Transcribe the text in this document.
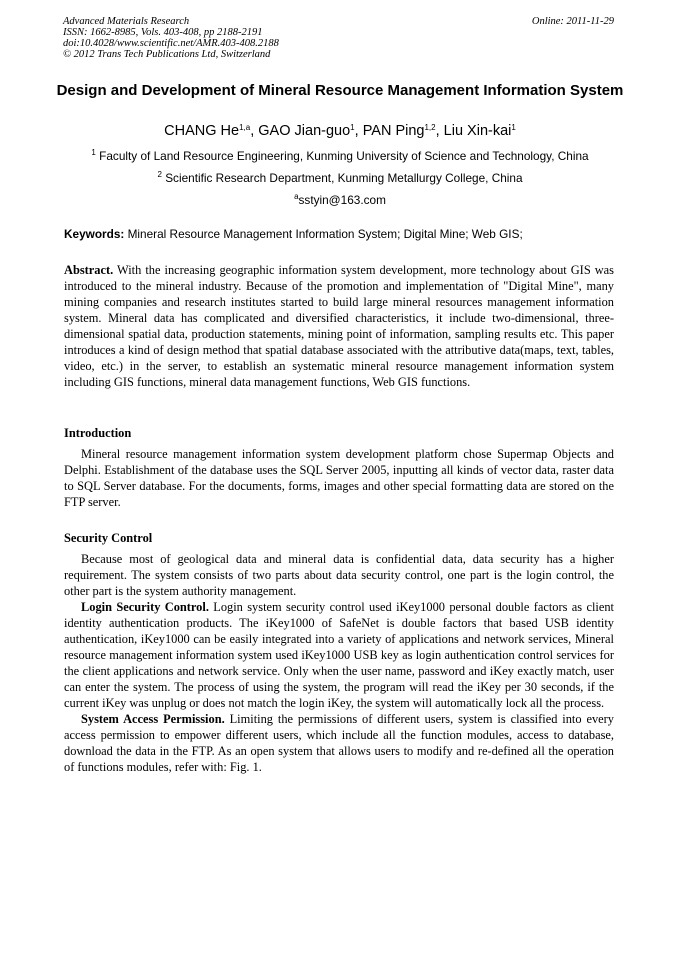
Advanced Materials Research
ISSN: 1662-8985, Vols. 403-408, pp 2188-2191
doi:10.4028/www.scientific.net/AMR.403-408.2188
© 2012 Trans Tech Publications Ltd, Switzerland
Online: 2011-11-29
Design and Development of Mineral Resource Management Information System
CHANG He$^{1,a}$, GAO Jian-guo$^1$, PAN Ping$^{1,2}$, Liu Xin-kai$^1$
$^1$ Faculty of Land Resource Engineering, Kunming University of Science and Technology, China
$^2$ Scientific Research Department, Kunming Metallurgy College, China
$^a$sstyin@163.com
Keywords: Mineral Resource Management Information System; Digital Mine; Web GIS;
Abstract. With the increasing geographic information system development, more technology about GIS was introduced to the mineral industry. Because of the promotion and implementation of "Digital Mine", many mining companies and research institutes started to build large mineral resources management information system. Mineral data has complicated and diversified characteristics, it include two-dimensional, three-dimensional spatial data, production statements, mining point of information, sampling results etc. This paper introduces a kind of design method that spatial database associated with the attributive data(maps, text, tables, video, etc.) in the server, to establish an systematic mineral resource management information system including GIS functions, mineral data management functions, Web GIS functions.
Introduction

Mineral resource management information system development platform chose Supermap Objects and Delphi. Establishment of the database uses the SQL Server 2005, inputting all kinds of vector data, raster data to SQL Server database. For the documents, forms, images and other special formatting data are stored on the FTP server.

Security Control

Because most of geological data and mineral data is confidential data, data security has a higher requirement. The system consists of two parts about data security control, one part is the login control, the other part is the system authority management.

Login Security Control. Login system security control used iKey1000 personal double factors as client identity authentication products. The iKey1000 of SafeNet is double factors that based USB identity authentication, iKey1000 can be easily integrated into a variety of applications and network services, Mineral resource management information system used iKey1000 USB key as login authentication control services for the client applications and network service. Only when the user name, password and iKey exactly match, user can enter the system. The process of using the system, the program will read the iKey per 30 seconds, if the current iKey was unplug or does not match the login iKey, the system will automatically lock all the process.

System Access Permission. Limiting the permissions of different users, system is classified into every access permission to empower different users, which include all the function modules, access to database, download the data in the FTP. As an open system that allows users to modify and re-defined all the operation of functions modules, refer with: Fig. 1.
